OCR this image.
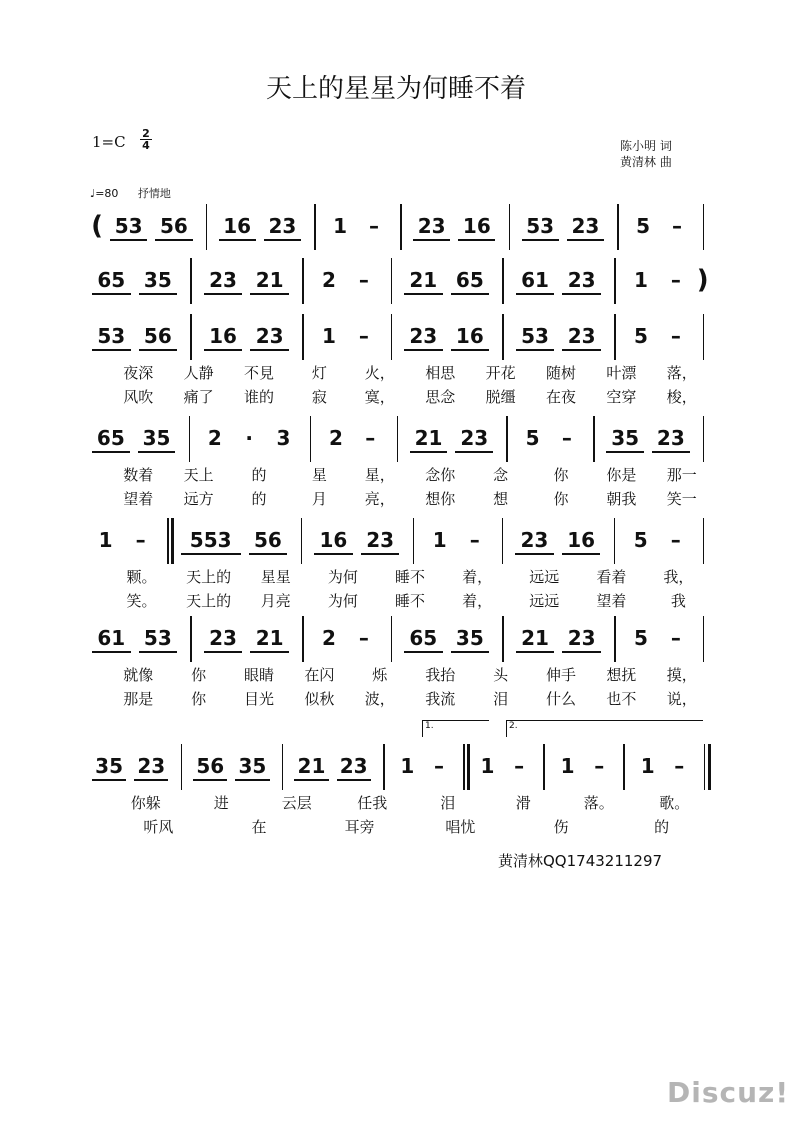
天上的星星为何睡不着
1=C 2
4	陈小明 词
黄清林 曲
♩=80 抒情地
( 53 56	16 23	1	–	23 16	53 23	5	–
65 35	23 21	2	–	21 65	61 23	1	– )
53 56	16 23	1	–	23 16	53 23	5	–
夜深	人静	不見	灯	火，	相思	开花	随树	叶漂	落，
风吹	痛了	谁的	寂	寞，	思念	脱缰	在夜	空穿	梭，
65 35	2	·	3	2	–	21 23	5	–	35 23
数着	天上	的	星	星，	念你	念	你	你是	那一
望着	远方	的	月	亮，	想你	想	你	朝我	笑一
1	–	553	56	16 23	1	–	23 16	5	–
颗。	天上的	星星	为何	睡不	着，	远远	看着	我，
笑。	天上的	月亮	为何	睡不	着，	远远	望着	我
61 53	23 21	2	–	65 35	21 23	5	–
就像	你	眼睛	在闪	烁	我抬	头	伸手	想抚	摸，
那是	你	目光	似秋	波，	我流	泪	什么	也不	说，
35 23	56 35	21 23	1 –	1 –	1 –	1 –
你躲	进	云层	任我	泪	滑	落。	歌。
听风	在	耳旁	唱忧	伤	的
1.	2.
黄清林QQ1743211297
Discuz!
